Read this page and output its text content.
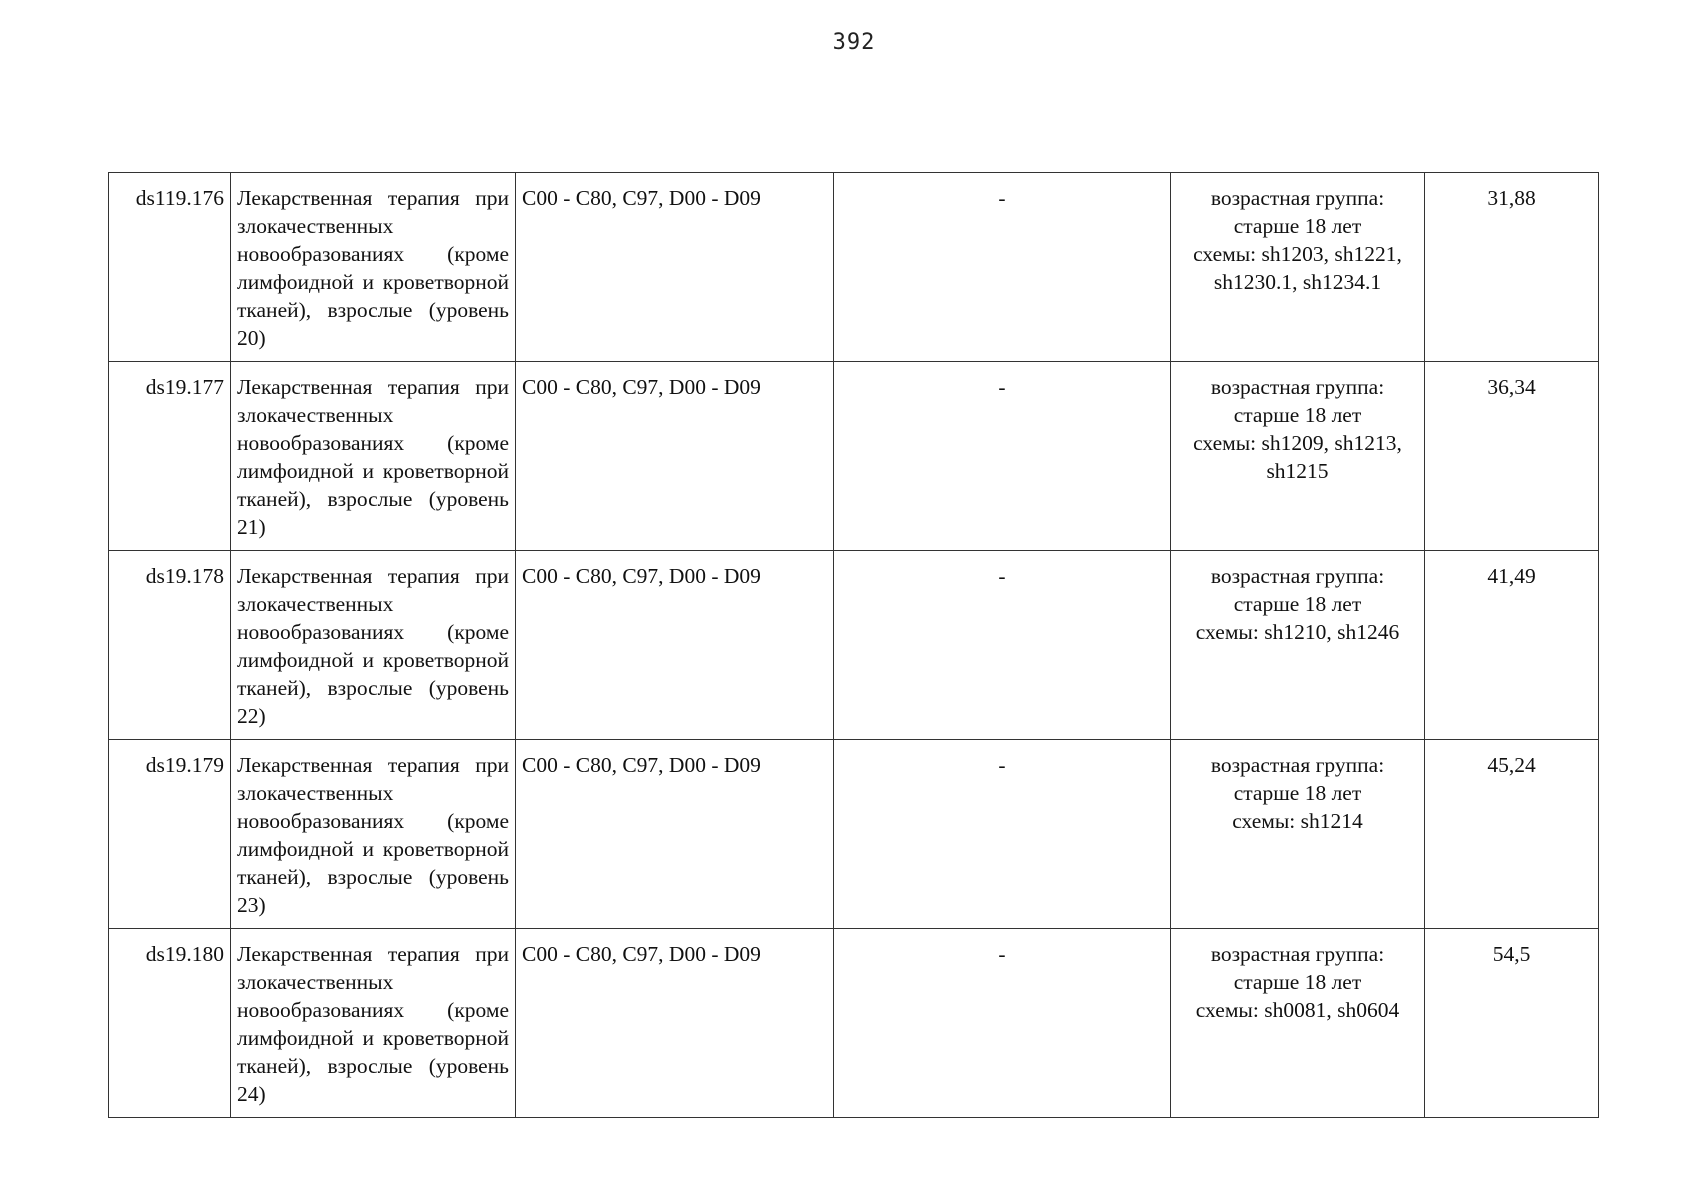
392
ds119.176	Лекарственная терапия при злокачественных новообразованиях (кроме лимфоидной и кроветворной тканей), взрослые (уровень 20)	C00 - C80, C97, D00 - D09	-	возрастная группа:
старше 18 лет
схемы: sh1203, sh1221, sh1230.1, sh1234.1	31,88
ds19.177	Лекарственная терапия при злокачественных новообразованиях (кроме лимфоидной и кроветворной тканей), взрослые (уровень 21)	C00 - C80, C97, D00 - D09	-	возрастная группа:
старше 18 лет
схемы: sh1209, sh1213, sh1215	36,34
ds19.178	Лекарственная терапия при злокачественных новообразованиях (кроме лимфоидной и кроветворной тканей), взрослые (уровень 22)	C00 - C80, C97, D00 - D09	-	возрастная группа:
старше 18 лет
схемы: sh1210, sh1246	41,49
ds19.179	Лекарственная терапия при злокачественных новообразованиях (кроме лимфоидной и кроветворной тканей), взрослые (уровень 23)	C00 - C80, C97, D00 - D09	-	возрастная группа:
старше 18 лет
схемы: sh1214	45,24
ds19.180	Лекарственная терапия при злокачественных новообразованиях (кроме лимфоидной и кроветворной тканей), взрослые (уровень 24)	C00 - C80, C97, D00 - D09	-	возрастная группа:
старше 18 лет
схемы: sh0081, sh0604	54,5
